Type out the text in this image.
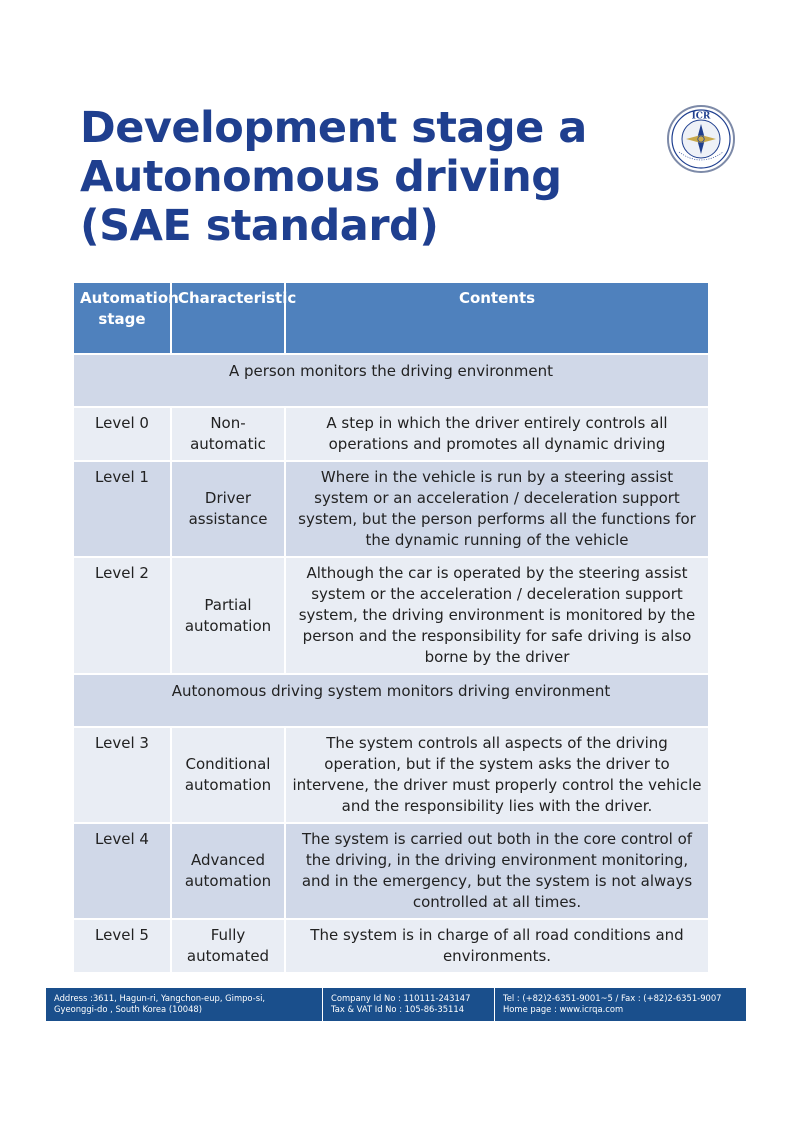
Development stage a
Autonomous driving
(SAE standard)
ICR
Automation stage	Characteristic	Contents
A person monitors the driving environment		
Level 0	Non-automatic	A step in which the driver entirely controls all operations and promotes all dynamic driving
Level 1	Driver assistance	Where in the vehicle is run by a steering assist system or an acceleration / deceleration support system, but the person performs all the functions for the dynamic running of the vehicle
Level 2	Partial automation	Although the car is operated by the steering assist system or the acceleration / deceleration support system, the driving environment is monitored by the person and the responsibility for safe driving is also borne by the driver
Autonomous driving system monitors driving environment		
Level 3	Conditional automation	The system controls all aspects of the driving operation, but if the system asks the driver to intervene, the driver must properly control the vehicle and the responsibility lies with the driver.
Level 4	Advanced automation	The system is carried out both in the core control of the driving, in the driving environment monitoring, and in the emergency, but the system is not always controlled at all times.
Level 5	Fully automated	The system is in charge of all road conditions and environments.
Address :3611, Hagun-ri, Yangchon-eup, Gimpo-si,
Gyeonggi-do , South Korea (10048)
Company Id No : 110111-243147
Tax & VAT Id No : 105-86-35114
Tel : (+82)2-6351-9001~5 / Fax : (+82)2-6351-9007
Home page : www.icrqa.com
